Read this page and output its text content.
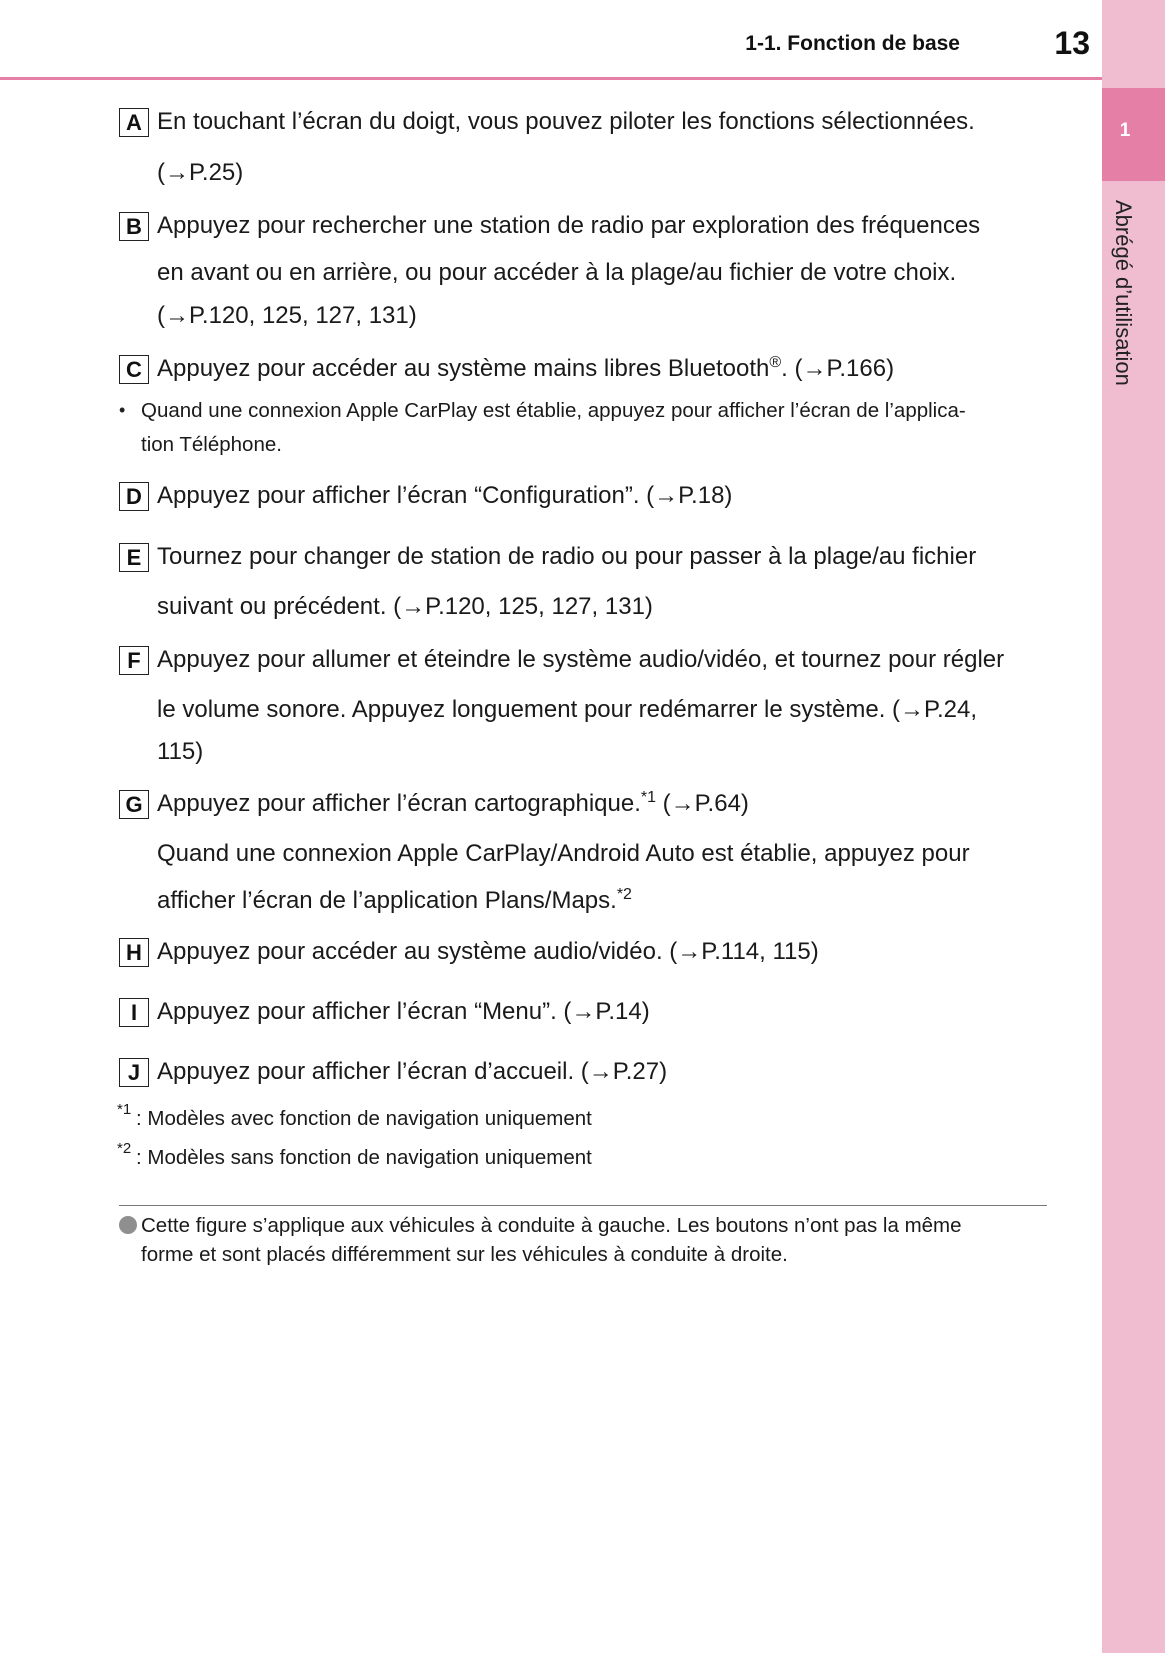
1
Abrégé d’utilisation
1-1. Fonction de base	13
A En touchant l’écran du doigt, vous pouvez piloter les fonctions sélectionnées.
(→P.25)
B Appuyez pour rechercher une station de radio par exploration des fréquences
en avant ou en arrière, ou pour accéder à la plage/au fichier de votre choix.
(→P.120, 125, 127, 131)
C Appuyez pour accéder au système mains libres Bluetooth®. (→P.166)
• Quand une connexion Apple CarPlay est établie, appuyez pour afficher l’écran de l’applica-
tion Téléphone.
D Appuyez pour afficher l’écran “Configuration”. (→P.18)
E Tournez pour changer de station de radio ou pour passer à la plage/au fichier
suivant ou précédent. (→P.120, 125, 127, 131)
F Appuyez pour allumer et éteindre le système audio/vidéo, et tournez pour régler
le volume sonore. Appuyez longuement pour redémarrer le système. (→P.24,
115)
G Appuyez pour afficher l’écran cartographique.$^{*1}$ (→P.64)
Quand une connexion Apple CarPlay/Android Auto est établie, appuyez pour
afficher l’écran de l’application Plans/Maps.$^{*2}$
H Appuyez pour accéder au système audio/vidéo. (→P.114, 115)
I Appuyez pour afficher l’écran “Menu”. (→P.14)
J Appuyez pour afficher l’écran d’accueil. (→P.27)
*1 : Modèles avec fonction de navigation uniquement
*2 : Modèles sans fonction de navigation uniquement
Cette figure s’applique aux véhicules à conduite à gauche. Les boutons n’ont pas la même
forme et sont placés différemment sur les véhicules à conduite à droite.
